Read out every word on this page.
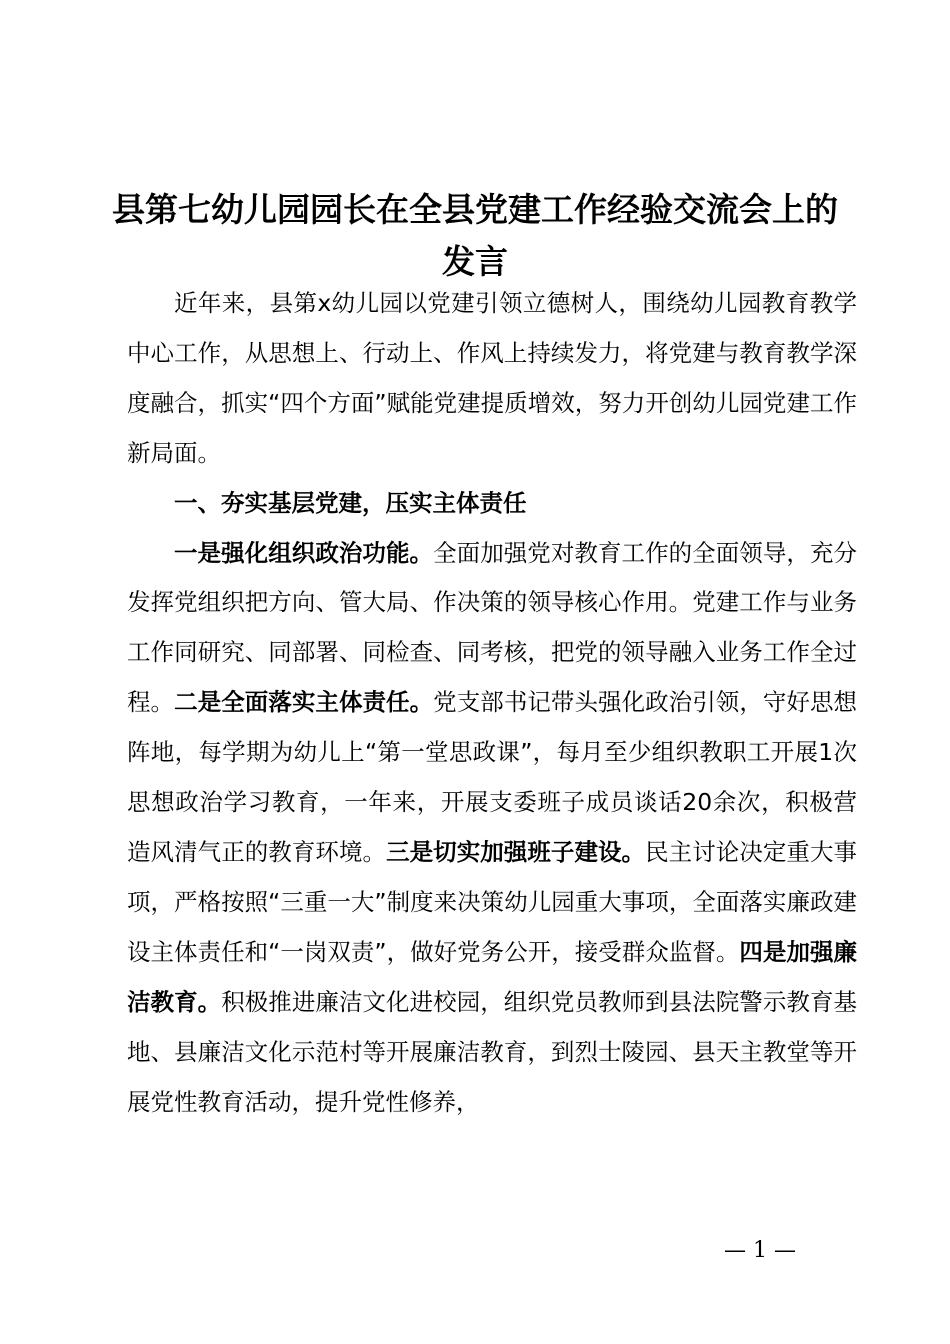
县第七幼儿园园长在全县党建工作经验交流会上的发言

近年来，县第x幼儿园以党建引领立德树人，围绕幼儿园教育教学中心工作，从思想上、行动上、作风上持续发力，将党建与教育教学深度融合，抓实“四个方面”赋能党建提质增效，努力开创幼儿园党建工作新局面。

一、夯实基层党建，压实主体责任

一是强化组织政治功能。全面加强党对教育工作的全面领导，充分发挥党组织把方向、管大局、作决策的领导核心作用。党建工作与业务工作同研究、同部署、同检查、同考核，把党的领导融入业务工作全过程。二是全面落实主体责任。党支部书记带头强化政治引领，守好思想阵地，每学期为幼儿上“第一堂思政课”，每月至少组织教职工开展1次思想政治学习教育，一年来，开展支委班子成员谈话20余次，积极营造风清气正的教育环境。三是切实加强班子建设。民主讨论决定重大事项，严格按照“三重一大”制度来决策幼儿园重大事项，全面落实廉政建设主体责任和“一岗双责”，做好党务公开，接受群众监督。四是加强廉洁教育。积极推进廉洁文化进校园，组织党员教师到县法院警示教育基地、县廉洁文化示范村等开展廉洁教育，到烈士陵园、县天主教堂等开展党性教育活动，提升党性修养，

— 1 —
